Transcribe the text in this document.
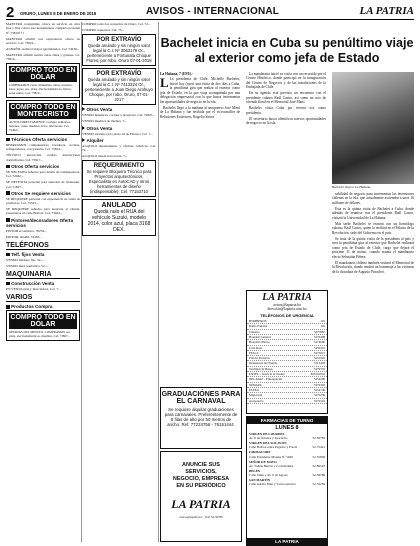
2 ORURO, LUNES 8 DE ENERO DE 2018	AVISOS - INTERNACIONAL	LA PATRIA

MAESTRO condominio ofrece su servicio en obra fina y fina contra tres herramientas completa personal Nº 73819171

MAESTRO albañil con experiencia ofrece su servicio. Cel. 73822...

ALBAÑIL realiza trabajos garantizados. Cel. 74236...

MAESTRO albañil realiza obras finas y gruesas. Ce. 73912...

COMPRO TODO EN DÓLAR
COMPRAMOS casas, inmuebles, autos, terrenos, lotes, joyas, oro, plata, electrodomésticos. Oruro, zona centro. Cel. 73810...
COMPRO TODO EN MONTECRISTO
AUTOS DIRECTAMENTE. Compro vehículos, terrenos, casas, muebles, fríos, televisores. Cel. 72462...
Técnicos Oferta servicios

REPARAMOS computadoras, lavadoras, cocinas, refrigeradores, con garantía. Cel. 73814...

TÉCNICO electricista realiza instalaciones domiciliarias. Cel. 73917...

Otros Oferta servicios

SE NECESITA señorita para tienda de computadoras. Cel. 72462...

SE NECESITA personal para atención de restaurant. Cel. 71827...

Otros Se requiere servicios

SE REQUIERE personal con experiencia en venta de productos. Cel. 74523...

SE REQUIERE señorita para atención al cliente, presentarse en calle Bolívar. Cel. 73924...

Pintores/decoradores Oferta servicios

PINTOR económico. 78254...

PINTOR, albañil. 74165...

TELÉFONOS
Telf. fijos Venta

VENDO teléfono fijo. 52-...

VENDO línea telefónica. 52-...

MAQUINARIA
Construcción Venta

EN VENTA grúa y mezcladora. Cel. 7...

VARIOS
Productos Compra
COMPRO TODO EN DÓLAR
OFERTAS DEL MINUTO. COMPRAMOS oro, plata, electrodomésticos, muebles. Cel. 73827...

COMPRO todos los recuerdos de Oruro. Cel. 72...

COMPRO repuestos. Cel. 73...

POR EXTRAVÍO
Queda anulado y sin ningún valor legal la C.I. Nº 3063179 Or., perteneciente a Fortunata Choque Flores, por robo. Oruro 07-01-2018
POR EXTRAVÍO
Queda anulado y sin ningún valor legal la C.I. Nº 7413324 Or., perteneciente a Juan Diego Arahuyo Choque, por robo. Oruro, 07-01-2017
Otros Venta

VENDO heladeras, cocinas y lavadoras. Cel. 72825...

VENDO muebles de madera. 7...

Otros Venta

VENDO estantes en la plaza 10 de Febrero. Cel. 7...

Alquiler

ALQUILO departamento y oficinas céntricas. Cel. 72...

ALQUILO tienda zona norte. 7...

REQUERIMIENTO
Se requiere Bloquera Técnico para Proyectos arquitectónicos. Especialista en AutoCAD y otros herramientas de diseño (indispensable). Cel. 77153710
ANULADO
Queda nulo el RUA del vehículo Suzuki, modelo 2014, color azul, placa 3168 DEX.
Bachelet inicia en Cuba su penúltimo viaje al exterior como jefa de Estado
La Habana, 7 (EFE).-

L La presidenta de Chile, Michelle Bachelet, inició hoy (ayer) una visita de dos días a Cuba, la penúltima gira que realiza al exterior como jefa de Estado, en la que viaja acompañada por una delegación empresarial con la que busca incrementar las oportunidades de negocio en la isla.

Bachelet llegó a la mañana al aeropuerto José Martí de La Habana y fue recibida por el vicecanciller de Relaciones Exteriores, Rogelio Sierra.

La mandataria inició su visita con un recorrido por el Centro Histórico, donde participó en la inauguración del Centro de Negocios y de las instalaciones de la Embajada de Chile.

En su agenda está previsto un encuentro con el presidente cubano Raúl Castro, así como un acto de ofrenda floral en el Memorial José Martí.

Bachelet visita Cuba por tercera vez como presidenta.

El secretario busca identificar nuevos oportunidades de negocio en la isla.

Bachelet llegó a La Habana.

sabilidad de negocio para incrementar las inversiones chilenas en la isla, que actualmente ascienden a unos 16 millones de dólares.

Esta es la quinta visita de Bachelet a Cuba, donde además de reunirse con el presidente Raúl Castro, visitará la Universidad de La Habana.

Más tarde Bachelet se reunirá con un homólogo cubano, Raúl Castro, quien la recibirá en el Palacio de la Revolución, sede del Gobierno en el país.

Se trata de la quinta visita de la presidenta al país y será la penúltima gira al exterior que Bachelet realizará como jefa de Estado de Chile, cargo que dejará el próximo 11 de marzo, cuando asuma el mandatario electo Sebastián Piñera.

El mandatario chileno también visitará el Memorial de la Revolución, donde rendirá un homenaje a las víctimas de la dictadura de Augusto Pinochet.

GRADUACIÓNES PARA EL CARNAVAL
Se requiere alquilar graduaciones para carnavales. Preferentemente de 8 filas de alto por 50 metros de ancho. Ref. 77224756 - 76151444.
ANUNCIE SUS
SERVICIOS,
NEGOCIO, EMPRESA
EN SU PERIÓDICO
LA PATRIA
avisos@lapatria.bo · Telf: 52-50780
LA PATRIA
avisos@lapatria.bo
dirección@lapatria.com.bo
TELÉFONOS DE URGENCIA
BOMBEROS	119
Radio Patrulla	110
Tránsito	5277887
Hospital General	5276498
Hospital Obrero	5274600
Cruz Roja	5250222
FELCC	5275015
Policía Turística	5251923
Defensoría del Pueblo	5113418
Terminal de Buses	5279535
ENTEL - Servicio al cliente	800101010
DELAPAZ - Emergencias	5254200
SEMAPA	5276302
ELFEO	5254130
Migración	5270239
Aeropuerto	5272522
FARMACIAS DE TURNO
LUNES 8
VIRGEN DE LOURDES
Av. 6 de Octubre y Ayacucho	52-56782
VIRGEN DEL SOCAVÓN
Calle Bolívar entre Pagador y Potosí	52-75441
FARMACORP
Calle Presidente Montes Nº 5940	52-55830
SEÑOR DE MAYO
Av. Tomás Barrón y Cochabamba	52-86543
BELÉN
Calle Junín y Av. 6 de Agosto	52-58786
SAN MARTÍN
Calle Adolfo Mier y Soria Galvarro	52-76239
LA PATRIA
